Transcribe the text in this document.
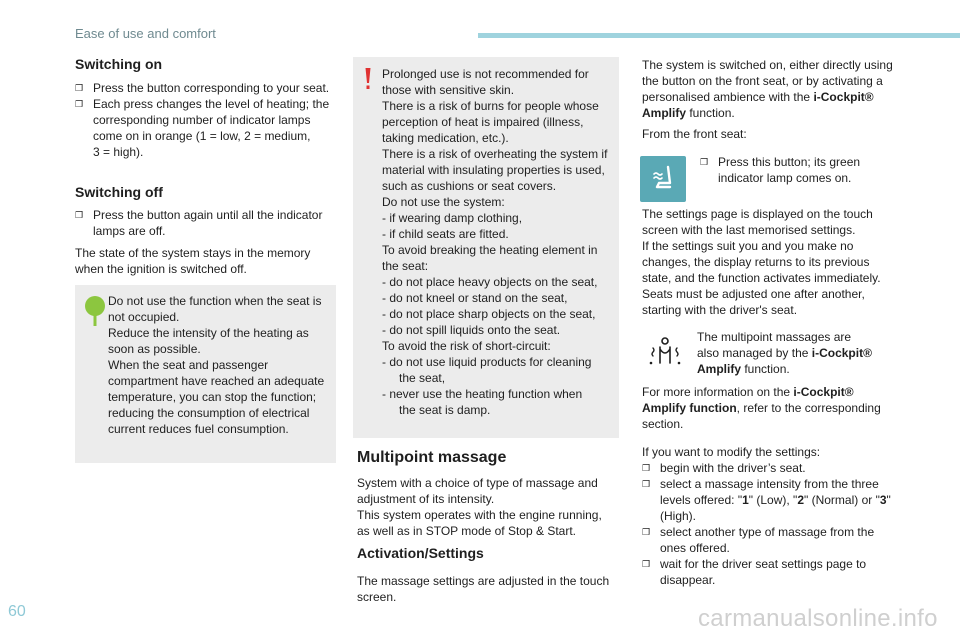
Ease of use and comfort
60	carmanualsonline.info
Switching on
❒ Press the button corresponding to your seat.
❒ Each press changes the level of heating; the
corresponding number of indicator lamps
come on in orange (1 = low, 2 = medium,
3 = high).
Switching off
❒ Press the button again until all the indicator
lamps are off.
The state of the system stays in the memory
when the ignition is switched off.
Do not use the function when the seat is
not occupied.
Reduce the intensity of the heating as
soon as possible.
When the seat and passenger
compartment have reached an adequate
temperature, you can stop the function;
reducing the consumption of electrical
current reduces fuel consumption.
Prolonged use is not recommended for
those with sensitive skin.
There is a risk of burns for people whose
perception of heat is impaired (illness,
taking medication, etc.).
There is a risk of overheating the system if
material with insulating properties is used,
such as cushions or seat covers.
Do not use the system:
- if wearing damp clothing,
- if child seats are fitted.
To avoid breaking the heating element in
the seat:
- do not place heavy objects on the seat,
- do not kneel or stand on the seat,
- do not place sharp objects on the seat,
- do not spill liquids onto the seat.
To avoid the risk of short-circuit:
- do not use liquid products for cleaning
the seat,
- never use the heating function when
the seat is damp.
Multipoint massage
System with a choice of type of massage and
adjustment of its intensity.
This system operates with the engine running,
as well as in STOP mode of Stop & Start.
Activation/Settings
The massage settings are adjusted in the touch
screen.
The system is switched on, either directly using
the button on the front seat, or by activating a
personalised ambience with the i-Cockpit®
Amplify function.
From the front seat:
❒ Press this button; its green
indicator lamp comes on.
The settings page is displayed on the touch
screen with the last memorised settings.
If the settings suit you and you make no
changes, the display returns to its previous
state, and the function activates immediately.
Seats must be adjusted one after another,
starting with the driver's seat.
The multipoint massages are
also managed by the i-Cockpit®
Amplify function.
For more information on the i-Cockpit®
Amplify function, refer to the corresponding
section.
If you want to modify the settings:
❒ begin with the driver’s seat.
❒ select a massage intensity from the three
levels offered: "1" (Low), "2" (Normal) or "3"
(High).
❒ select another type of massage from the
ones offered.
❒ wait for the driver seat settings page to
disappear.
